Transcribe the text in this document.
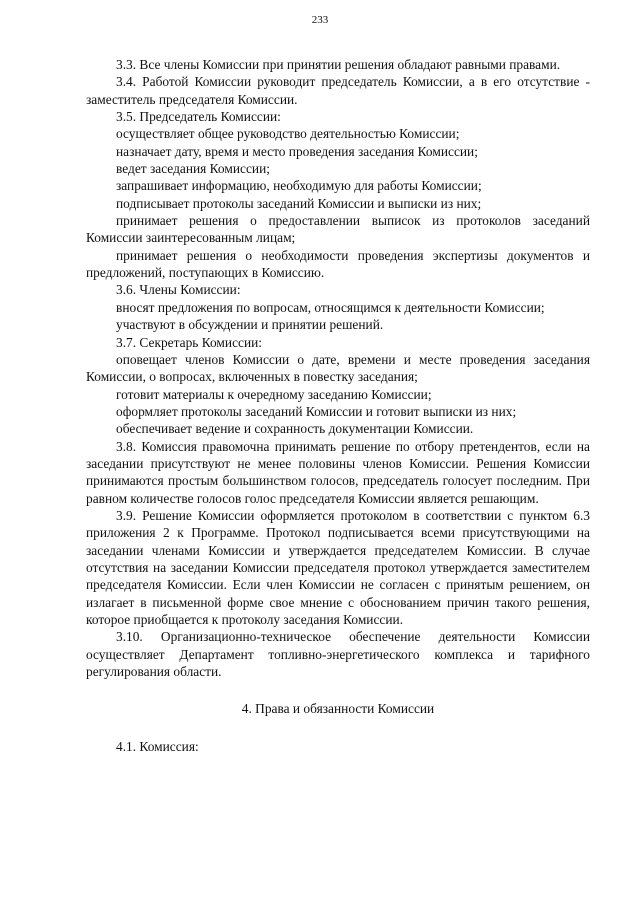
233

3.3. Все члены Комиссии при принятии решения обладают равными правами.

3.4. Работой Комиссии руководит председатель Комиссии, а в его отсутствие - заместитель председателя Комиссии.

3.5. Председатель Комиссии:

осуществляет общее руководство деятельностью Комиссии;

назначает дату, время и место проведения заседания Комиссии;

ведет заседания Комиссии;

запрашивает информацию, необходимую для работы Комиссии;

подписывает протоколы заседаний Комиссии и выписки из них;

принимает решения о предоставлении выписок из протоколов заседаний Комиссии заинтересованным лицам;

принимает решения о необходимости проведения экспертизы документов и предложений, поступающих в Комиссию.

3.6. Члены Комиссии:

вносят предложения по вопросам, относящимся к деятельности Комиссии;

участвуют в обсуждении и принятии решений.

3.7. Секретарь Комиссии:

оповещает членов Комиссии о дате, времени и месте проведения заседания Комиссии, о вопросах, включенных в повестку заседания;

готовит материалы к очередному заседанию Комиссии;

оформляет протоколы заседаний Комиссии и готовит выписки из них;

обеспечивает ведение и сохранность документации Комиссии.

3.8. Комиссия правомочна принимать решение по отбору претендентов, если на заседании присутствуют не менее половины членов Комиссии. Решения Комиссии принимаются простым большинством голосов, председатель голосует последним. При равном количестве голосов голос председателя Комиссии является решающим.

3.9. Решение Комиссии оформляется протоколом в соответствии с пунктом 6.3 приложения 2 к Программе. Протокол подписывается всеми присутствующими на заседании членами Комиссии и утверждается председателем Комиссии. В случае отсутствия на заседании Комиссии председателя протокол утверждается заместителем председателя Комиссии. Если член Комиссии не согласен с принятым решением, он излагает в письменной форме свое мнение с обоснованием причин такого решения, которое приобщается к протоколу заседания Комиссии.

3.10. Организационно-техническое обеспечение деятельности Комиссии осуществляет Департамент топливно-энергетического комплекса и тарифного регулирования области.

4. Права и обязанности Комиссии

4.1. Комиссия:
